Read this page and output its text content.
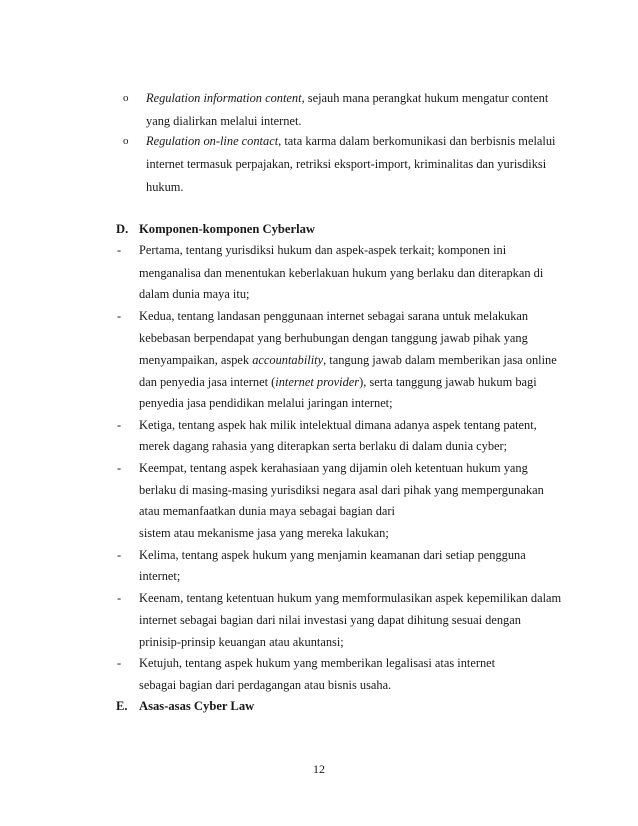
o Regulation information content, sejauh mana perangkat hukum mengatur content
yang dialirkan melalui internet.
o Regulation on-line contact, tata karma dalam berkomunikasi dan berbisnis melalui
internet termasuk perpajakan, retriksi eksport-import, kriminalitas dan yurisdiksi
hukum.
D. Komponen-komponen Cyberlaw
- Pertama, tentang yurisdiksi hukum dan aspek-aspek terkait; komponen ini
menganalisa dan menentukan keberlakuan hukum yang berlaku dan diterapkan di
dalam dunia maya itu;
- Kedua, tentang landasan penggunaan internet sebagai sarana untuk melakukan
kebebasan berpendapat yang berhubungan dengan tanggung jawab pihak yang
menyampaikan, aspek accountability, tangung jawab dalam memberikan jasa online
dan penyedia jasa internet (internet provider), serta tanggung jawab hukum bagi
penyedia jasa pendidikan melalui jaringan internet;
- Ketiga, tentang aspek hak milik intelektual dimana adanya aspek tentang patent,
merek dagang rahasia yang diterapkan serta berlaku di dalam dunia cyber;
- Keempat, tentang aspek kerahasiaan yang dijamin oleh ketentuan hukum yang
berlaku di masing-masing yurisdiksi negara asal dari pihak yang mempergunakan
atau memanfaatkan dunia maya sebagai bagian dari
sistem atau mekanisme jasa yang mereka lakukan;
- Kelima, tentang aspek hukum yang menjamin keamanan dari setiap pengguna
internet;
- Keenam, tentang ketentuan hukum yang memformulasikan aspek kepemilikan dalam
internet sebagai bagian dari nilai investasi yang dapat dihitung sesuai dengan
prinisip-prinsip keuangan atau akuntansi;
- Ketujuh, tentang aspek hukum yang memberikan legalisasi atas internet
sebagai bagian dari perdagangan atau bisnis usaha.
E. Asas-asas Cyber Law
12
